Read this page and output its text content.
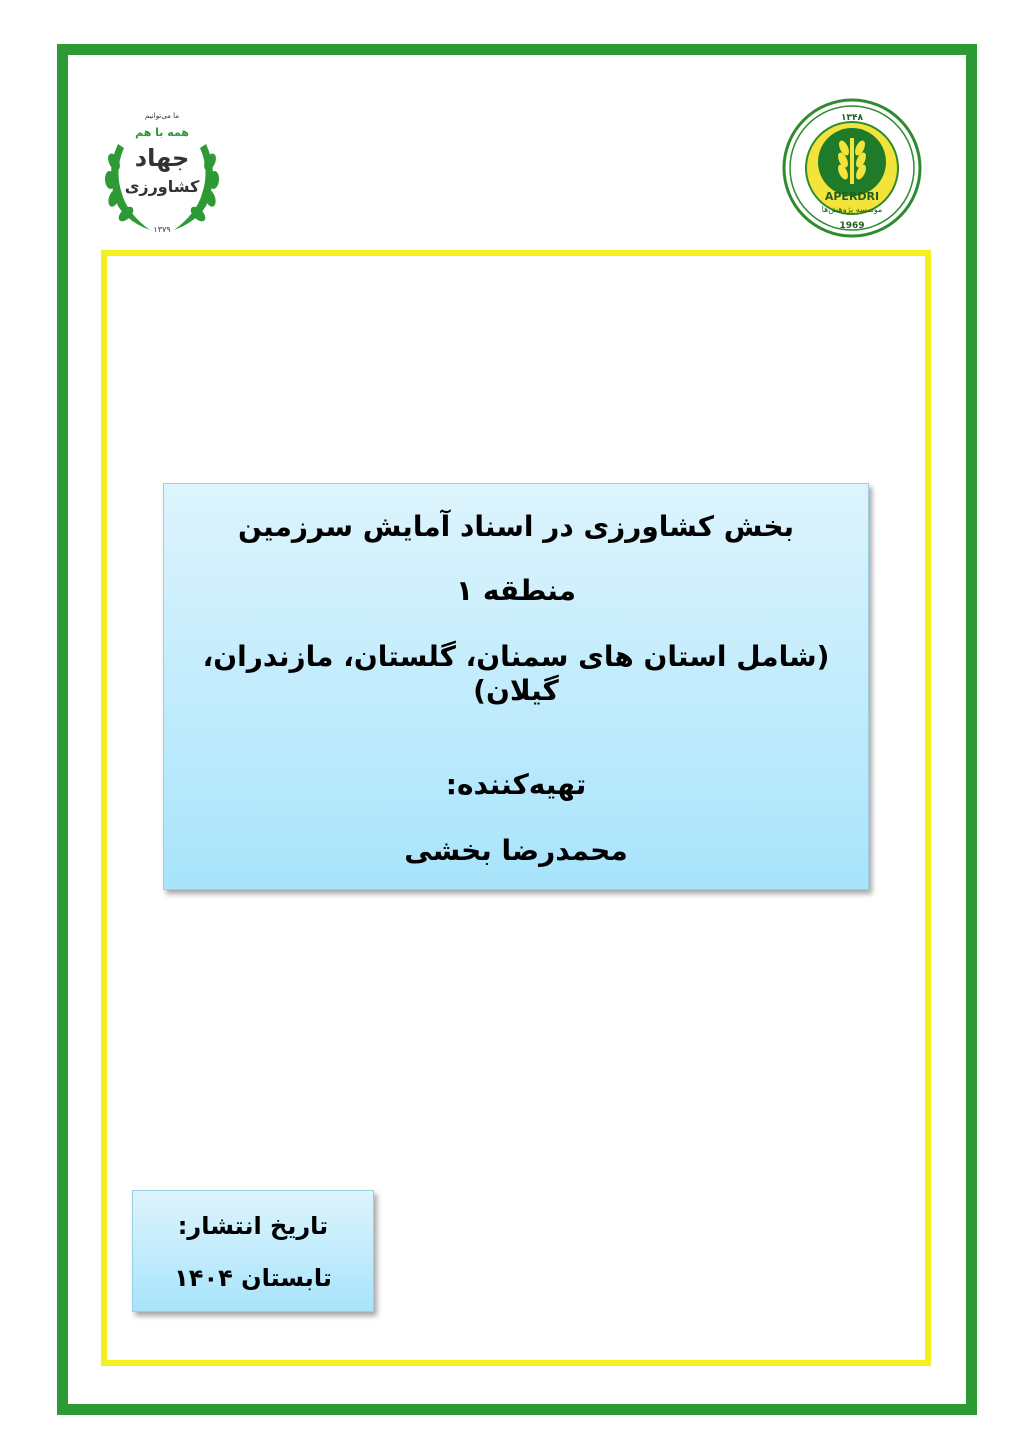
ما می‌توانیم
همه با هم
جهاد
کشاورزی
۱۳۷۹
۱۳۴۸
APERDRI
موسسه پژوهش‌ها
1969
بخش کشاورزی در اسناد آمایش سرزمین
منطقه ۱
(شامل استان های سمنان، گلستان، مازندران، گیلان)
تهیه‌کننده:
محمدرضا بخشی
تاریخ انتشار:
تابستان ۱۴۰۴
